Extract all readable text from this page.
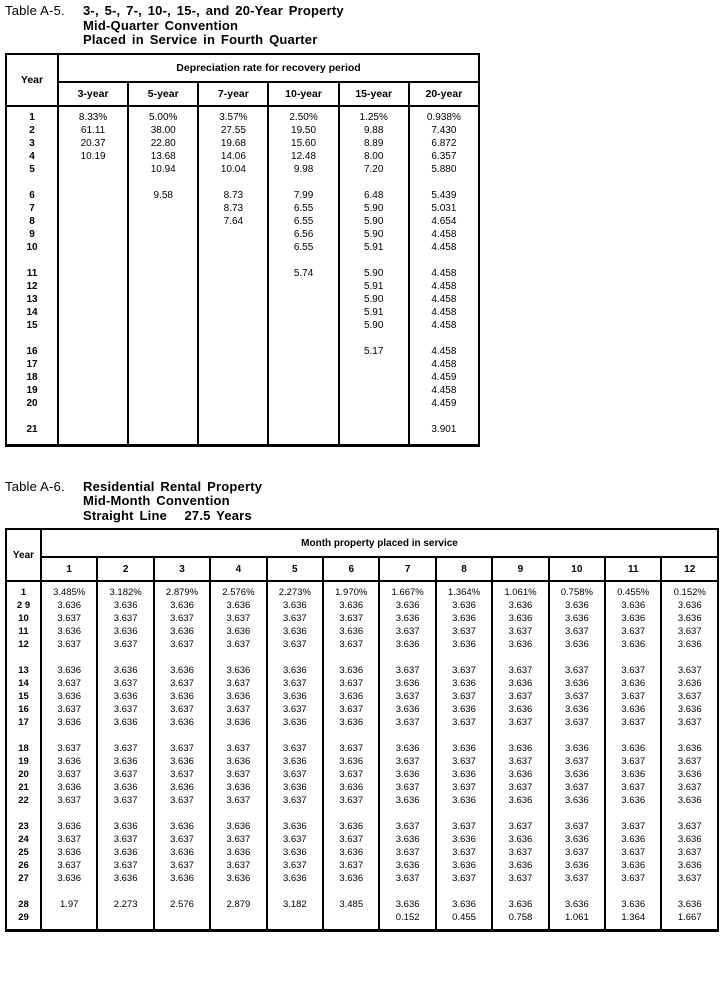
Table A-5.	3-, 5-, 7-, 10-, 15-, and 20-Year Property
Mid-Quarter Convention
Placed in Service in Fourth Quarter
Year	Depreciation rate for recovery period					
	3-year	5-year	7-year	10-year	15-year	20-year
1	8.33%	5.00%	3.57%	2.50%	1.25%	0.938%
2	61.11	38.00	27.55	19.50	9.88	7.430
3	20.37	22.80	19.68	15.60	8.89	6.872
4	10.19	13.68	14.06	12.48	8.00	6.357
5		10.94	10.04	9.98	7.20	5.880

6		9.58	8.73	7.99	6.48	5.439
7			8.73	6.55	5.90	5.031
8			7.64	6.55	5.90	4.654
9				6.56	5.90	4.458
10				6.55	5.91	4.458

11				5.74	5.90	4.458
12					5.91	4.458
13					5.90	4.458
14					5.91	4.458
15					5.90	4.458

16					5.17	4.458
17						4.458
18						4.459
19						4.458
20						4.459

21						3.901
Table A-6.	Residential Rental Property
Mid-Month Convention
Straight Line   27.5 Years
Year	Month property placed in service											
	1	2	3	4	5	6	7	8	9	10	11	12
1	3.485%	3.182%	2.879%	2.576%	2.273%	1.970%	1.667%	1.364%	1.061%	0.758%	0.455%	0.152%
2 9	3.636	3.636	3.636	3.636	3.636	3.636	3.636	3.636	3.636	3.636	3.636	3.636
10	3.637	3.637	3.637	3.637	3.637	3.637	3.636	3.636	3.636	3.636	3.636	3.636
11	3.636	3.636	3.636	3.636	3.636	3.636	3.637	3.637	3.637	3.637	3.637	3.637
12	3.637	3.637	3.637	3.637	3.637	3.637	3.636	3.636	3.636	3.636	3.636	3.636

13	3.636	3.636	3.636	3.636	3.636	3.636	3.637	3.637	3.637	3.637	3.637	3.637
14	3.637	3.637	3.637	3.637	3.637	3.637	3.636	3.636	3.636	3.636	3.636	3.636
15	3.636	3.636	3.636	3.636	3.636	3.636	3.637	3.637	3.637	3.637	3.637	3.637
16	3.637	3.637	3.637	3.637	3.637	3.637	3.636	3.636	3.636	3.636	3.636	3.636
17	3.636	3.636	3.636	3.636	3.636	3.636	3.637	3.637	3.637	3.637	3.637	3.637

18	3.637	3.637	3.637	3.637	3.637	3.637	3.636	3.636	3.636	3.636	3.636	3.636
19	3.636	3.636	3.636	3.636	3.636	3.636	3.637	3.637	3.637	3.637	3.637	3.637
20	3.637	3.637	3.637	3.637	3.637	3.637	3.636	3.636	3.636	3.636	3.636	3.636
21	3.636	3.636	3.636	3.636	3.636	3.636	3.637	3.637	3.637	3.637	3.637	3.637
22	3.637	3.637	3.637	3.637	3.637	3.637	3.636	3.636	3.636	3.636	3.636	3.636

23	3.636	3.636	3.636	3.636	3.636	3.636	3.637	3.637	3.637	3.637	3.637	3.637
24	3.637	3.637	3.637	3.637	3.637	3.637	3.636	3.636	3.636	3.636	3.636	3.636
25	3.636	3.636	3.636	3.636	3.636	3.636	3.637	3.637	3.637	3.637	3.637	3.637
26	3.637	3.637	3.637	3.637	3.637	3.637	3.636	3.636	3.636	3.636	3.636	3.636
27	3.636	3.636	3.636	3.636	3.636	3.636	3.637	3.637	3.637	3.637	3.637	3.637

28	1.97	2.273	2.576	2.879	3.182	3.485	3.636	3.636	3.636	3.636	3.636	3.636
29							0.152	0.455	0.758	1.061	1.364	1.667
